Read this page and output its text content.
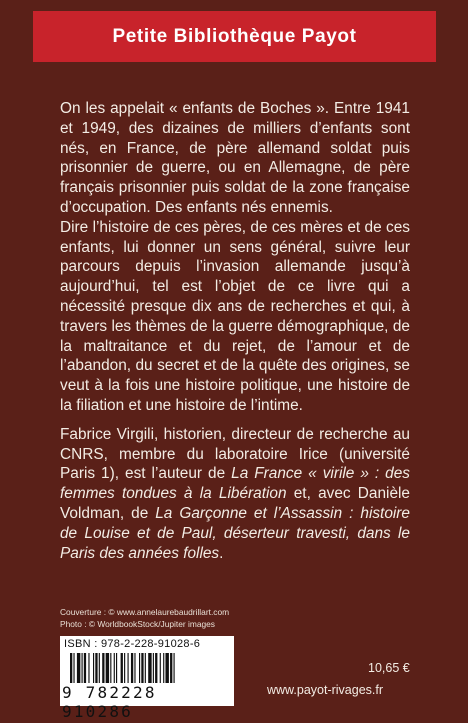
Petite Bibliothèque Payot

On les appelait « enfants de Boches ». Entre 1941 et 1949, des dizaines de milliers d’enfants sont nés, en France, de père allemand soldat puis prisonnier de guerre, ou en Allemagne, de père français prisonnier puis soldat de la zone française d’occupation. Des enfants nés ennemis.

Dire l’histoire de ces pères, de ces mères et de ces enfants, lui donner un sens général, suivre leur parcours depuis l’invasion allemande jusqu’à aujourd’hui, tel est l’objet de ce livre qui a nécessité presque dix ans de recherches et qui, à travers les thèmes de la guerre démographique, de la maltraitance et du rejet, de l’amour et de l’abandon, du secret et de la quête des origines, se veut à la fois une histoire politique, une histoire de la filiation et une histoire de l’intime.

Fabrice Virgili, historien, directeur de recherche au CNRS, membre du laboratoire Irice (université Paris 1), est l’auteur de La France « virile » : des femmes tondues à la Libération et, avec Danièle Voldman, de La Garçonne et l’Assassin : histoire de Louise et de Paul, déserteur travesti, dans le Paris des années folles.

Couverture : © www.annelaurebaudrillart.com
Photo : © WorldbookStock/Jupiter images
ISBN : 978-2-228-91028-6
9 782228 910286
10,65 €
www.payot-rivages.fr
